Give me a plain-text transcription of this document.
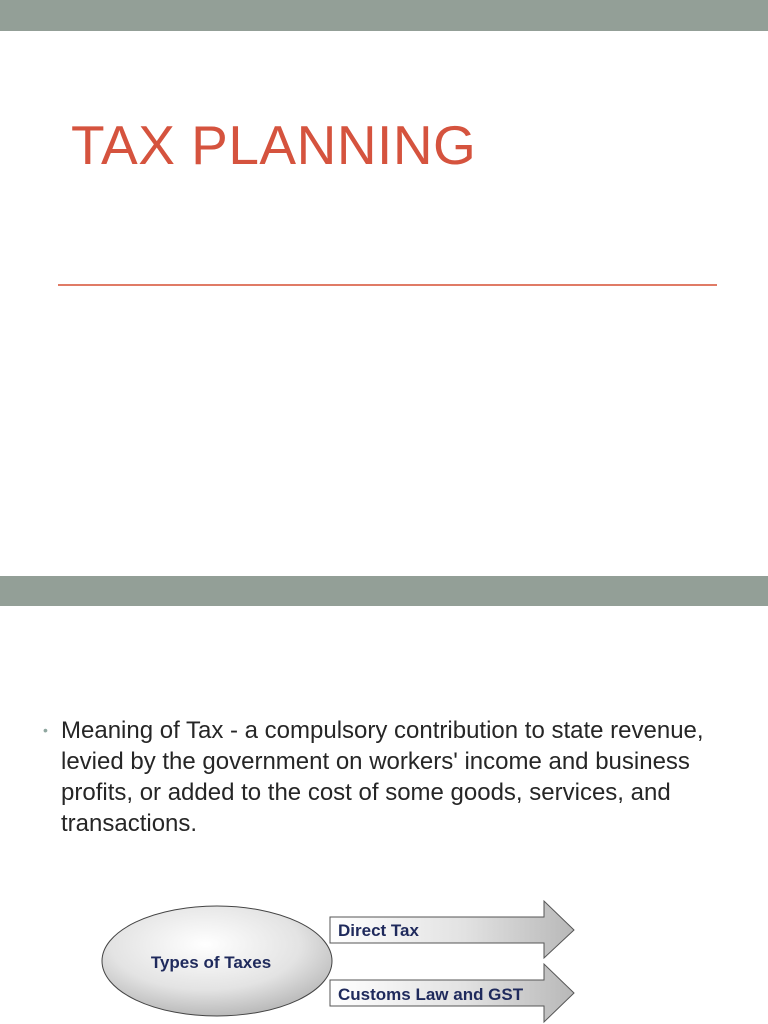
TAX PLANNING
• Meaning of Tax - a compulsory contribution to state revenue, levied by the government on workers' income and business profits, or added to the cost of some goods, services, and transactions.

Types of Taxes
Direct Tax
Customs Law and GST
